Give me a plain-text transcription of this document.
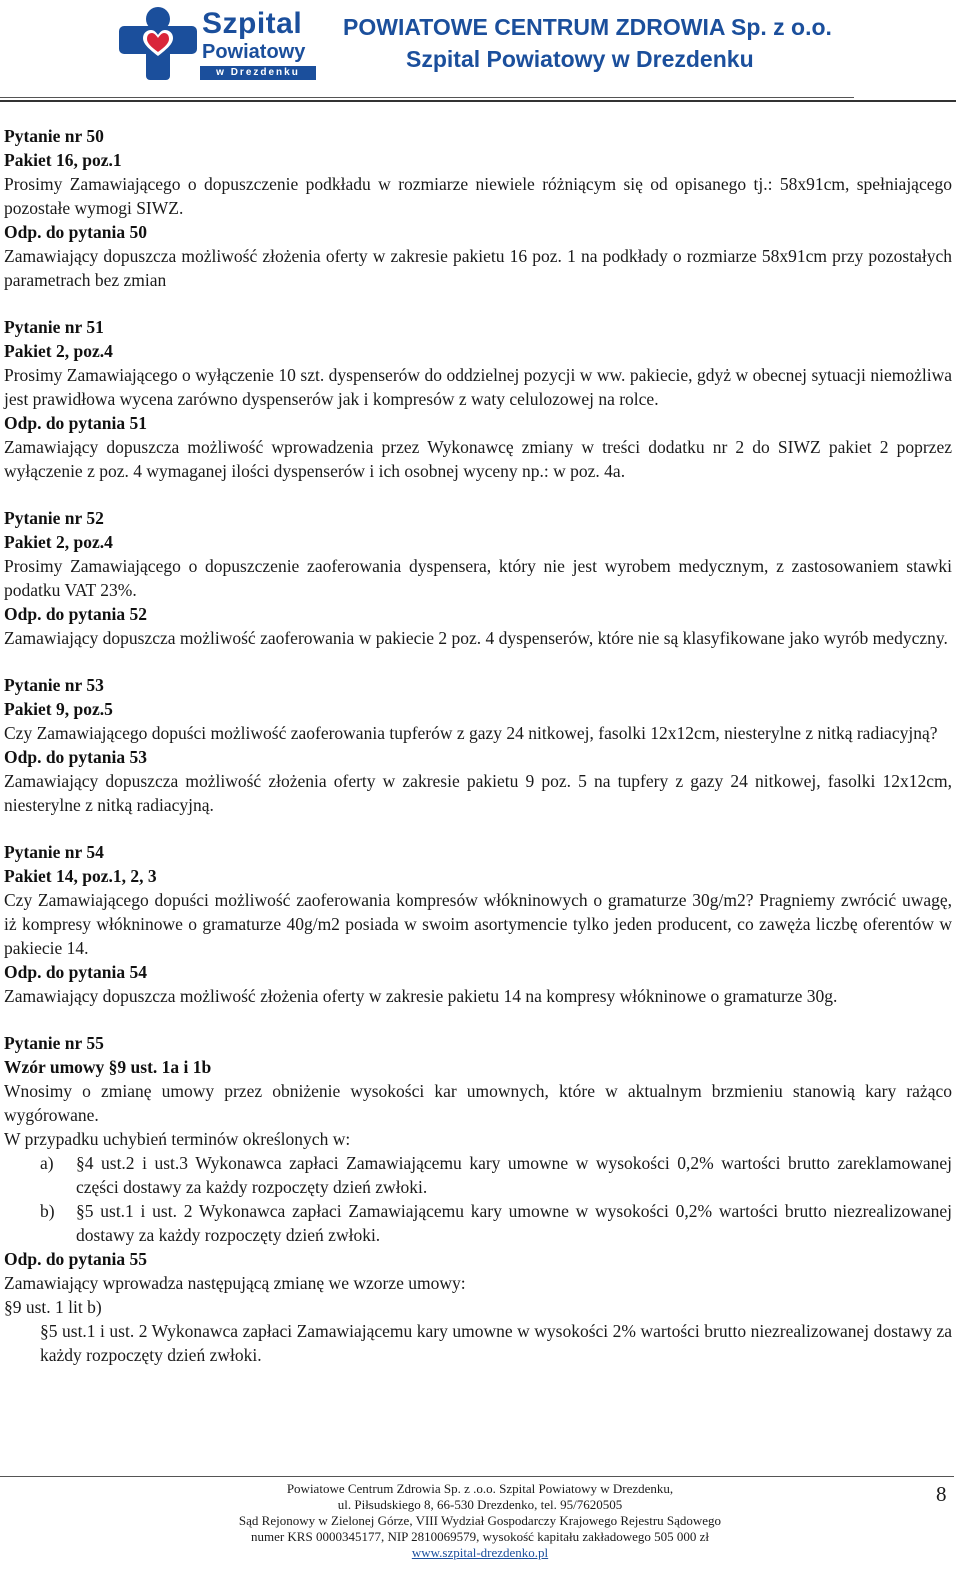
Szpital
Powiatowy
w Drezdenku
POWIATOWE CENTRUM ZDROWIA Sp. z o.o.
Szpital Powiatowy w Drezdenku
Pytanie nr 50
Pakiet 16, poz.1

Prosimy Zamawiającego o dopuszczenie podkładu w rozmiarze niewiele różniącym się od opisanego tj.: 58x91cm, spełniającego pozostałe wymogi SIWZ.

Odp. do pytania 50

Zamawiający dopuszcza możliwość złożenia oferty w zakresie pakietu 16 poz. 1 na podkłady o rozmiarze 58x91cm przy pozostałych parametrach bez zmian

Pytanie nr 51
Pakiet 2, poz.4

Prosimy Zamawiającego o wyłączenie 10 szt. dyspenserów do oddzielnej pozycji w ww. pakiecie, gdyż w obecnej sytuacji niemożliwa jest prawidłowa wycena zarówno dyspenserów jak i kompresów z waty celulozowej na rolce.

Odp. do pytania 51

Zamawiający dopuszcza możliwość wprowadzenia przez Wykonawcę zmiany w treści dodatku nr 2 do SIWZ pakiet 2 poprzez wyłączenie z poz. 4 wymaganej ilości dyspenserów i ich osobnej wyceny np.: w poz. 4a.

Pytanie nr 52
Pakiet 2, poz.4

Prosimy Zamawiającego o dopuszczenie zaoferowania dyspensera, który nie jest wyrobem medycznym, z zastosowaniem stawki podatku VAT 23%.

Odp. do pytania 52

Zamawiający dopuszcza możliwość zaoferowania w pakiecie 2 poz. 4 dyspenserów, które nie są klasyfikowane jako wyrób medyczny.

Pytanie nr 53
Pakiet 9, poz.5

Czy Zamawiającego dopuści możliwość zaoferowania tupferów z gazy 24 nitkowej, fasolki 12x12cm, niesterylne z nitką radiacyjną?

Odp. do pytania 53

Zamawiający dopuszcza możliwość złożenia oferty w zakresie pakietu 9 poz. 5 na tupfery z gazy 24 nitkowej, fasolki 12x12cm, niesterylne z nitką radiacyjną.

Pytanie nr 54
Pakiet 14, poz.1, 2, 3

Czy Zamawiającego dopuści możliwość zaoferowania kompresów włókninowych o gramaturze 30g/m2? Pragniemy zwrócić uwagę, iż kompresy włókninowe o gramaturze 40g/m2 posiada w swoim asortymencie tylko jeden producent, co zawęża liczbę oferentów w pakiecie 14.

Odp. do pytania 54

Zamawiający dopuszcza możliwość złożenia oferty w zakresie pakietu 14 na kompresy włókninowe o gramaturze 30g.

Pytanie nr 55
Wzór umowy §9 ust. 1a i 1b

Wnosimy o zmianę umowy przez obniżenie wysokości kar umownych, które w aktualnym brzmieniu stanowią kary rażąco wygórowane.

W przypadku uchybień terminów określonych w:
a) §4 ust.2 i ust.3 Wykonawca zapłaci Zamawiającemu kary umowne w wysokości 0,2% wartości brutto zareklamowanej części dostawy za każdy rozpoczęty dzień zwłoki.
b) §5 ust.1 i ust. 2 Wykonawca zapłaci Zamawiającemu kary umowne w wysokości 0,2% wartości brutto niezrealizowanej dostawy za każdy rozpoczęty dzień zwłoki.
Odp. do pytania 55
Zamawiający wprowadza następującą zmianę we wzorze umowy:
§9 ust. 1 lit b)
§5 ust.1 i ust. 2 Wykonawca zapłaci Zamawiającemu kary umowne w wysokości 2% wartości brutto niezrealizowanej dostawy za każdy rozpoczęty dzień zwłoki.
Powiatowe Centrum Zdrowia Sp. z .o.o. Szpital Powiatowy w Drezdenku,
ul. Piłsudskiego 8, 66-530 Drezdenko, tel. 95/7620505
Sąd Rejonowy w Zielonej Górze, VIII Wydział Gospodarczy Krajowego Rejestru Sądowego
numer KRS 0000345177, NIP 2810069579, wysokość kapitału zakładowego 505 000 zł
www.szpital-drezdenko.pl
8
